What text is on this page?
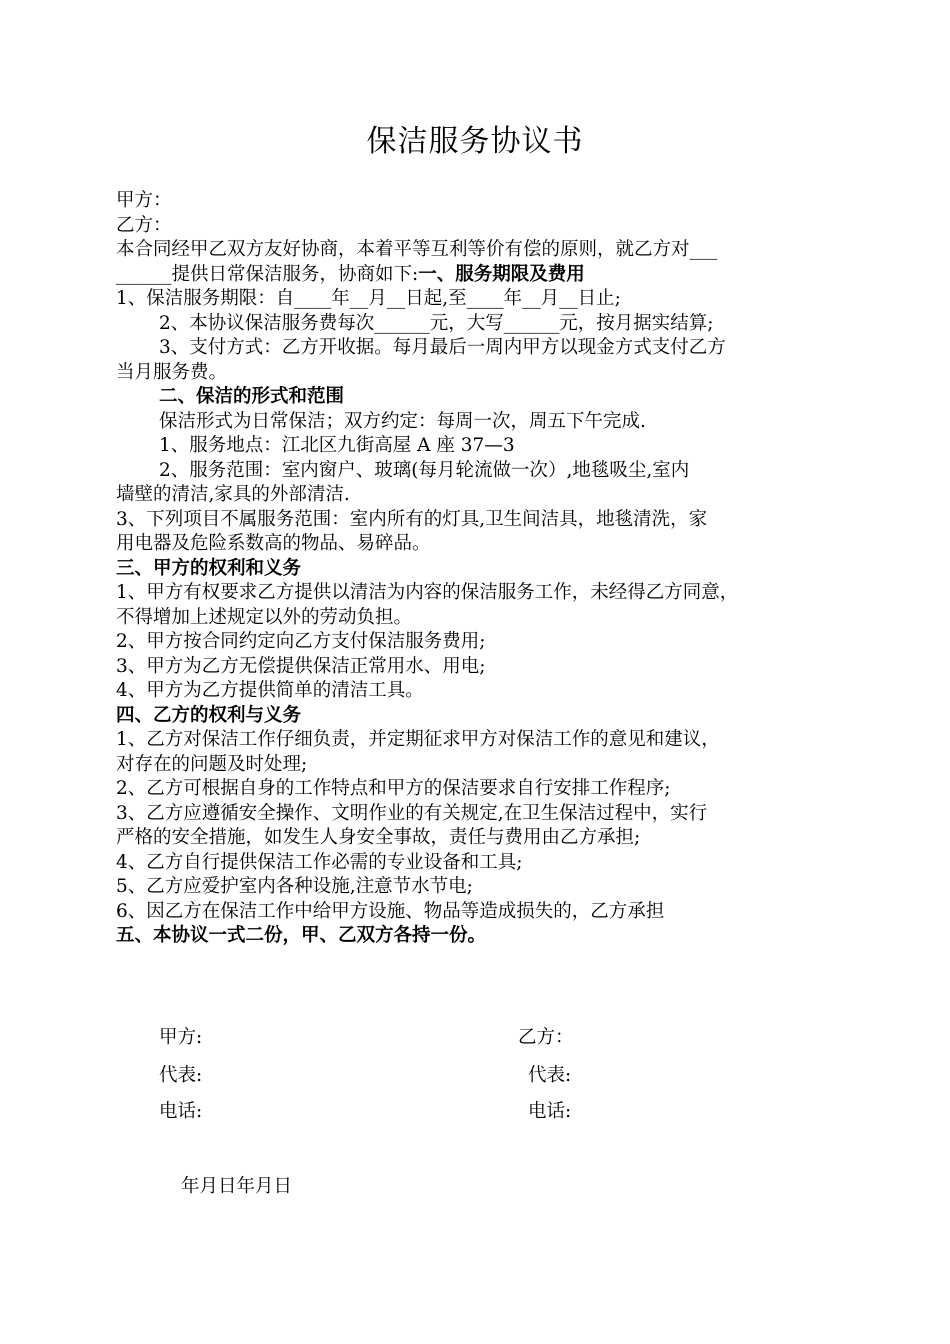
保洁服务协议书
甲方：
乙方：
本合同经甲乙双方友好协商，本着平等互利等价有偿的原则，就乙方对___
______提供日常保洁服务，协商如下:一、服务期限及费用
1、保洁服务期限：自____年__月__日起,至____年__月__日止;
2、本协议保洁服务费每次______元，大写______元，按月据实结算;
3、支付方式：乙方开收据。每月最后一周内甲方以现金方式支付乙方
当月服务费。
二、保洁的形式和范围
保洁形式为日常保洁；双方约定：每周一次，周五下午完成.
1、服务地点：江北区九街高屋 A 座 37—3
2、服务范围：室内窗户、玻璃(每月轮流做一次）,地毯吸尘,室内
墙壁的清洁,家具的外部清洁.
3、下列项目不属服务范围：室内所有的灯具,卫生间洁具，地毯清洗，家
用电器及危险系数高的物品、易碎品。
三、甲方的权利和义务
1、甲方有权要求乙方提供以清洁为内容的保洁服务工作，未经得乙方同意，
不得增加上述规定以外的劳动负担。
2、甲方按合同约定向乙方支付保洁服务费用;
3、甲方为乙方无偿提供保洁正常用水、用电;
4、甲方为乙方提供简单的清洁工具。
四、乙方的权利与义务
1、乙方对保洁工作仔细负责，并定期征求甲方对保洁工作的意见和建议，
对存在的问题及时处理;
2、乙方可根据自身的工作特点和甲方的保洁要求自行安排工作程序;
3、乙方应遵循安全操作、文明作业的有关规定,在卫生保洁过程中，实行
严格的安全措施，如发生人身安全事故，责任与费用由乙方承担;
4、乙方自行提供保洁工作必需的专业设备和工具;
5、乙方应爱护室内各种设施,注意节水节电;
6、因乙方在保洁工作中给甲方设施、物品等造成损失的，乙方承担
五、本协议一式二份，甲、乙双方各持一份。
甲方:	乙方：
代表:	代表:
电话:	电话:
年月日年月日
